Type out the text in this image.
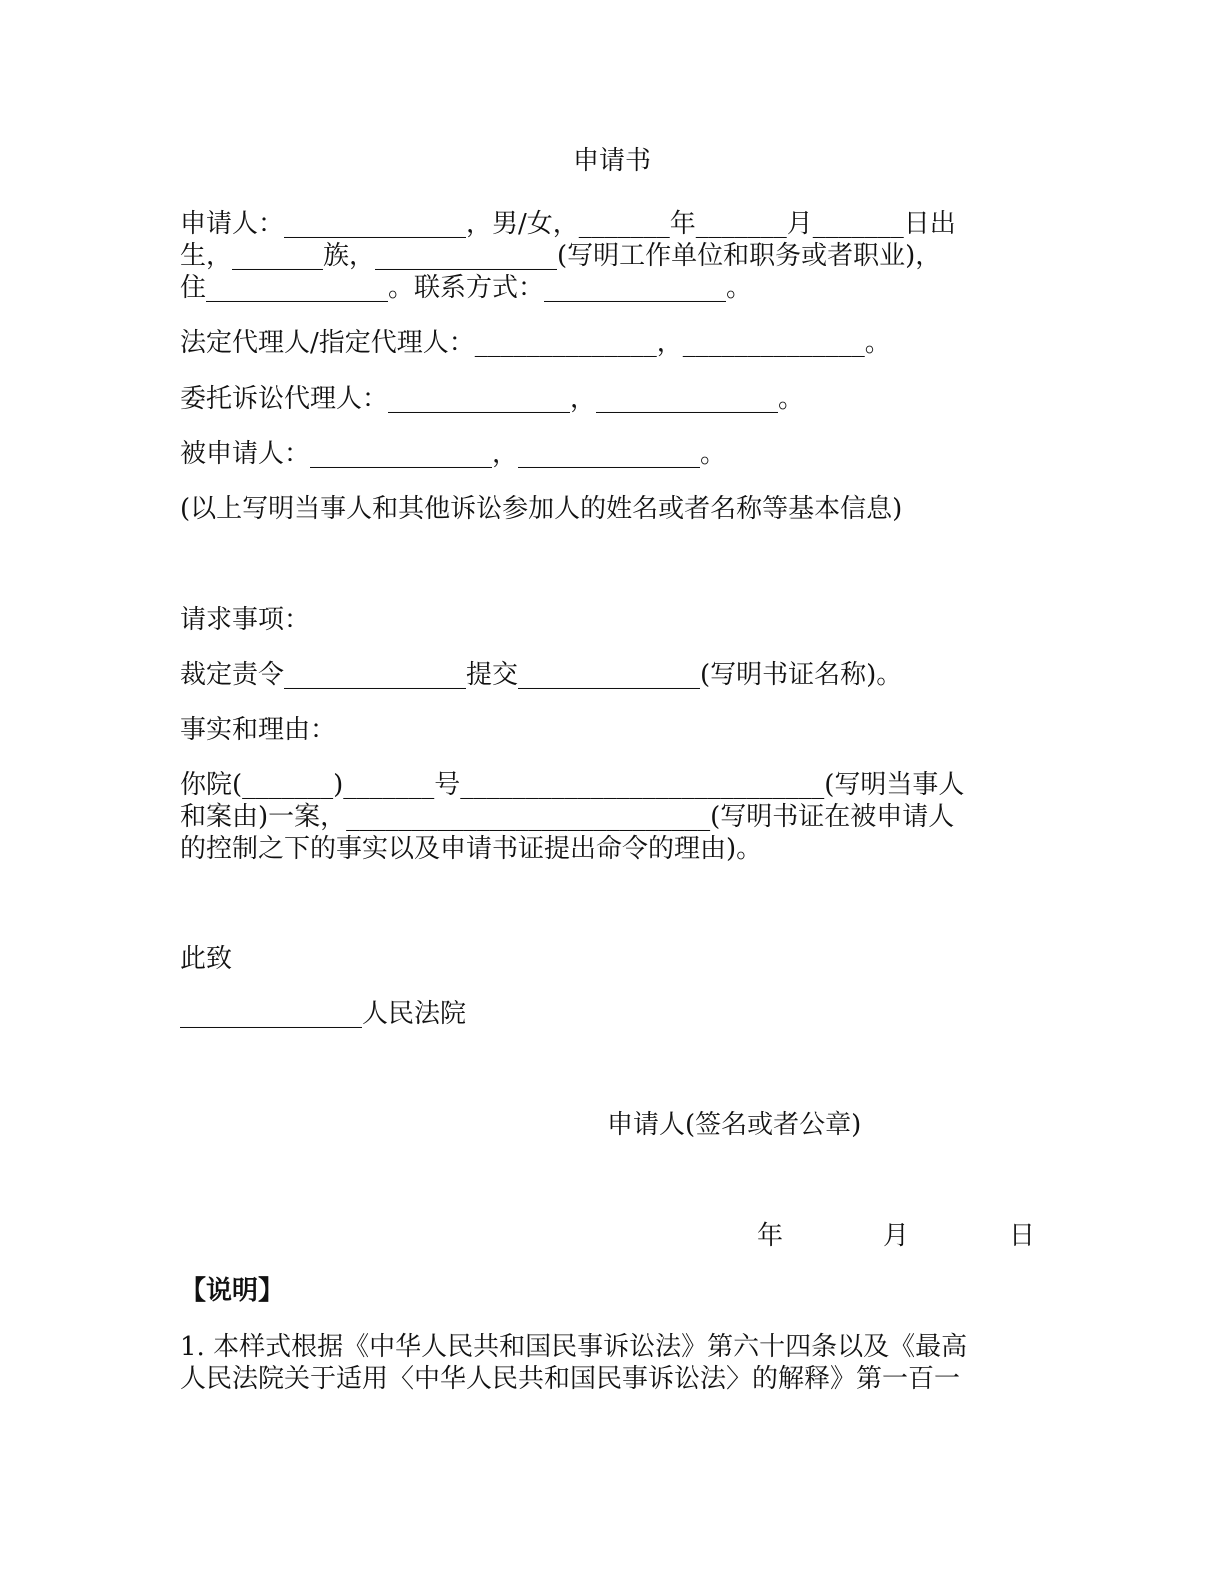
申请书

申请人：______________，男/女，_______年_______月_______日出

生，_______族，______________(写明工作单位和职务或者职业)，

住______________。联系方式：______________。

法定代理人/指定代理人：______________，______________。

委托诉讼代理人：______________，______________。

被申请人：______________，______________。

(以上写明当事人和其他诉讼参加人的姓名或者名称等基本信息)

请求事项：

裁定责令______________提交______________(写明书证名称)。

事实和理由：

你院(_______)_______号____________________________(写明当事人

和案由)一案，____________________________(写明书证在被申请人

的控制之下的事实以及申请书证提出命令的理由)。

此致

______________人民法院

申请人(签名或者公章)

年	月	日

【说明】

1. 本样式根据《中华人民共和国民事诉讼法》第六十四条以及《最高

人民法院关于适用〈中华人民共和国民事诉讼法〉的解释》第一百一
